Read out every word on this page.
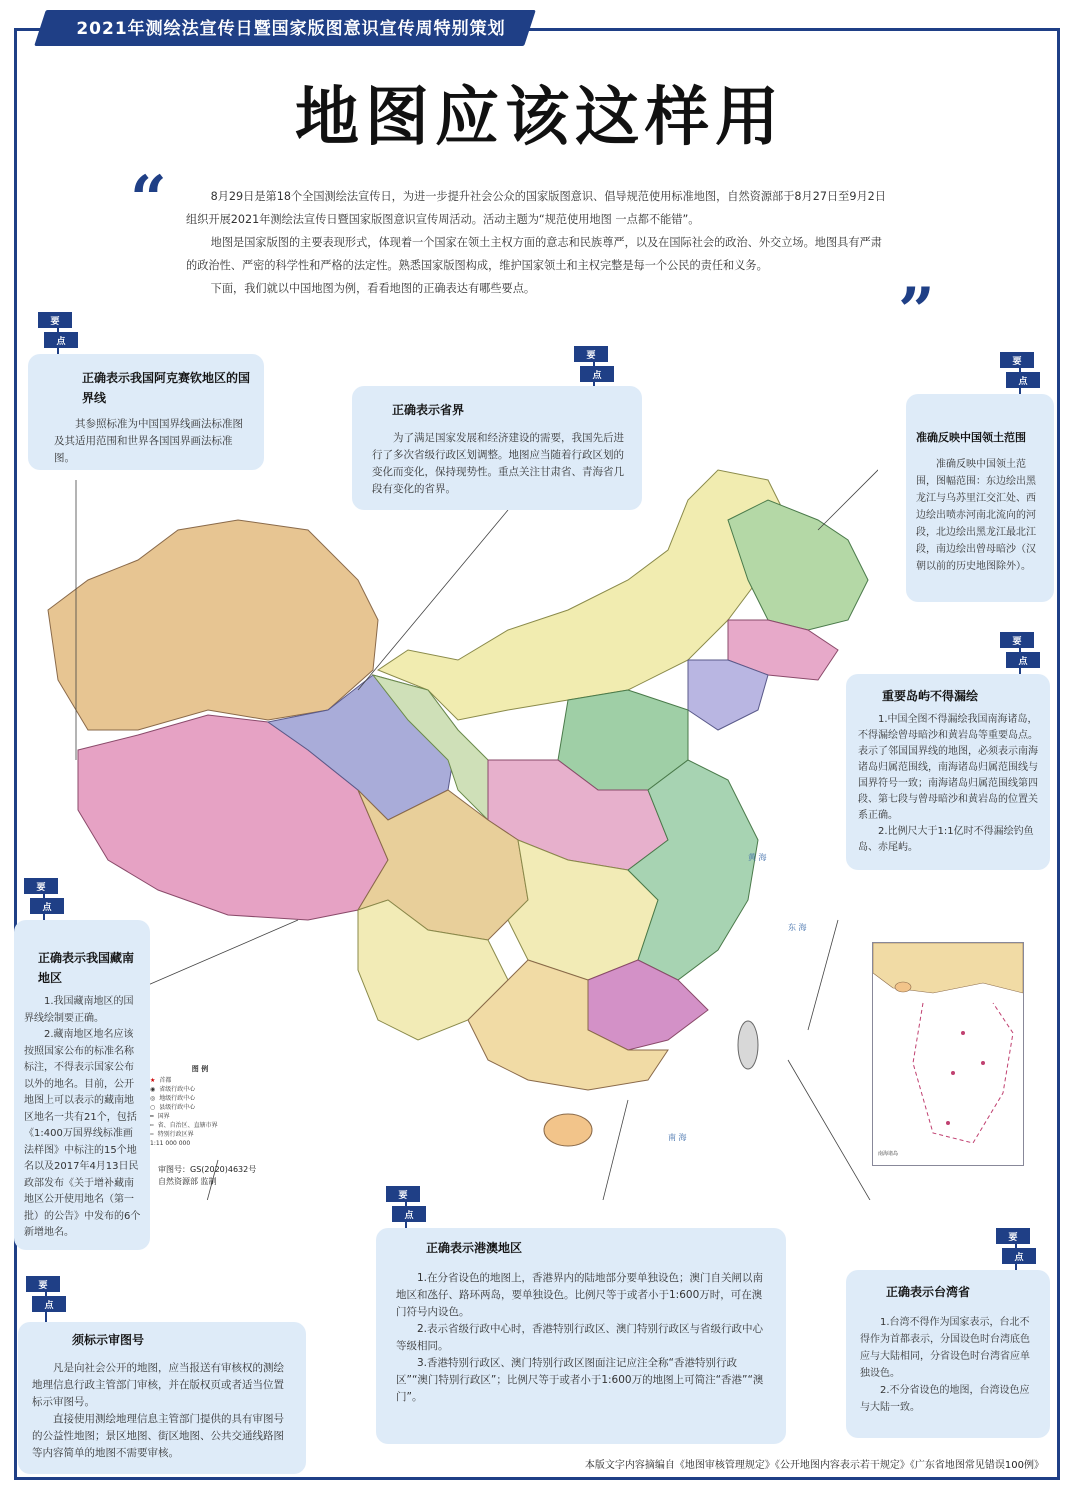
2021年测绘法宣传日暨国家版图意识宣传周特别策划
地图应该这样用
“
”

8月29日是第18个全国测绘法宣传日，为进一步提升社会公众的国家版图意识、倡导规范使用标准地图，自然资源部于8月27日至9月2日组织开展2021年测绘法宣传日暨国家版图意识宣传周活动。活动主题为“规范使用地图 一点都不能错”。

地图是国家版图的主要表现形式，体现着一个国家在领土主权方面的意志和民族尊严，以及在国际社会的政治、外交立场。地图具有严肃的政治性、严密的科学性和严格的法定性。熟悉国家版图构成，维护国家领土和主权完整是每一个公民的责任和义务。

下面，我们就以中国地图为例，看看地图的正确表达有哪些要点。

黄 海
东 海
南 海
图 例
★ 首都
◉ 省级行政中心
◎ 地级行政中心
○ 县级行政中心
━ 国界
┅ 省、自治区、直辖市界
┉ 特别行政区界
1:11 000 000
审图号：GS(2020)4632号
自然资源部 监制
南海诸岛
要
点
正确表示我国阿克赛钦地区的国界线

其参照标准为中国国界线画法标准图及其适用范围和世界各国国界画法标准图。

要
点
正确表示省界

为了满足国家发展和经济建设的需要，我国先后进行了多次省级行政区划调整。地图应当随着行政区划的变化而变化，保持现势性。重点关注甘肃省、青海省几段有变化的省界。

要
点
准确反映中国领土范围

准确反映中国领土范围，图幅范围：东边绘出黑龙江与乌苏里江交汇处、西边绘出喷赤河南北流向的河段，北边绘出黑龙江最北江段，南边绘出曾母暗沙（汉朝以前的历史地图除外）。

要
点
重要岛屿不得漏绘

1.中国全图不得漏绘我国南海诸岛，不得漏绘曾母暗沙和黄岩岛等重要岛点。表示了邻国国界线的地图，必须表示南海诸岛归属范围线，南海诸岛归属范围线与国界符号一致；南海诸岛归属范围线第四段、第七段与曾母暗沙和黄岩岛的位置关系正确。

2.比例尺大于1:1亿时不得漏绘钓鱼岛、赤尾屿。

要
点
正确表示我国藏南地区

1.我国藏南地区的国界线绘制要正确。

2.藏南地区地名应该按照国家公布的标准名称标注，不得表示国家公布以外的地名。目前，公开地图上可以表示的藏南地区地名一共有21个，包括《1:400万国界线标准画法样图》中标注的15个地名以及2017年4月13日民政部发布《关于增补藏南地区公开使用地名（第一批）的公告》中发布的6个新增地名。

要
点
须标示审图号

凡是向社会公开的地图，应当报送有审核权的测绘地理信息行政主管部门审核，并在版权页或者适当位置标示审图号。

直接使用测绘地理信息主管部门提供的具有审图号的公益性地图；景区地图、街区地图、公共交通线路图等内容简单的地图不需要审核。

要
点
正确表示港澳地区

1.在分省设色的地图上，香港界内的陆地部分要单独设色；澳门自关闸以南地区和氹仔、路环两岛，要单独设色。比例尺等于或者小于1:600万时，可在澳门符号内设色。

2.表示省级行政中心时，香港特别行政区、澳门特别行政区与省级行政中心等级相同。

3.香港特别行政区、澳门特别行政区图面注记应注全称“香港特别行政区”“澳门特别行政区”；比例尺等于或者小于1:600万的地图上可简注“香港”“澳门”。

要
点
正确表示台湾省

1.台湾不得作为国家表示，台北不得作为首都表示，分国设色时台湾底色应与大陆相同，分省设色时台湾省应单独设色。

2.不分省设色的地图，台湾设色应与大陆一致。

本版文字内容摘编自《地图审核管理规定》《公开地图内容表示若干规定》《广东省地图常见错误100例》
